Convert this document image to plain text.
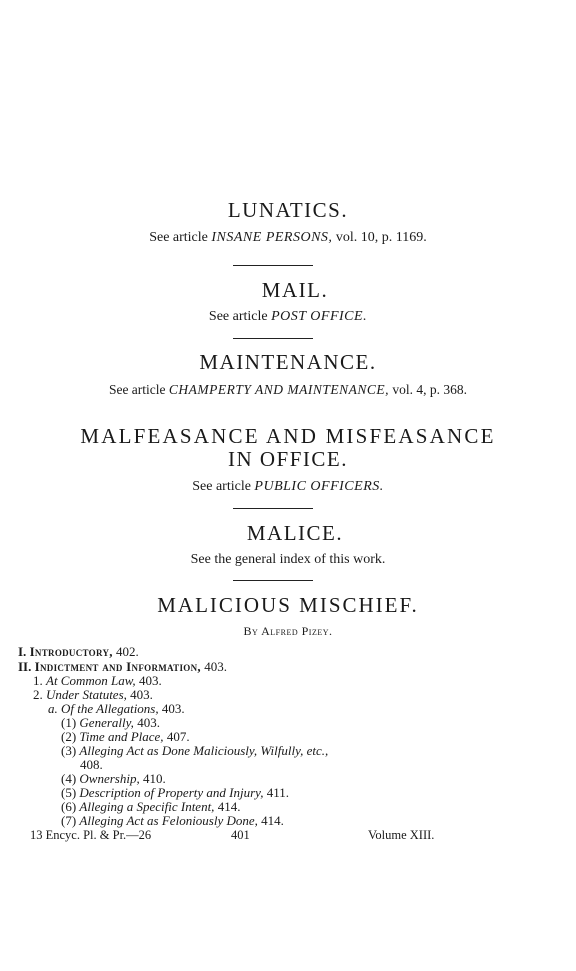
LUNATICS.
See article INSANE PERSONS, vol. 10, p. 1169.
MAIL.
See article POST OFFICE.
MAINTENANCE.
See article CHAMPERTY AND MAINTENANCE, vol. 4, p. 368.
MALFEASANCE AND MISFEASANCE
IN OFFICE.
See article PUBLIC OFFICERS.
MALICE.
See the general index of this work.
MALICIOUS MISCHIEF.
By Alfred Pizey.
I. Introductory, 402.
II. Indictment and Information, 403.
1. At Common Law, 403.
2. Under Statutes, 403.
a. Of the Allegations, 403.
(1) Generally, 403.
(2) Time and Place, 407.
(3) Alleging Act as Done Maliciously, Wilfully, etc.,
408.
(4) Ownership, 410.
(5) Description of Property and Injury, 411.
(6) Alleging a Specific Intent, 414.
(7) Alleging Act as Feloniously Done, 414.
13 Encyc. Pl. & Pr.—26	401	Volume XIII.
